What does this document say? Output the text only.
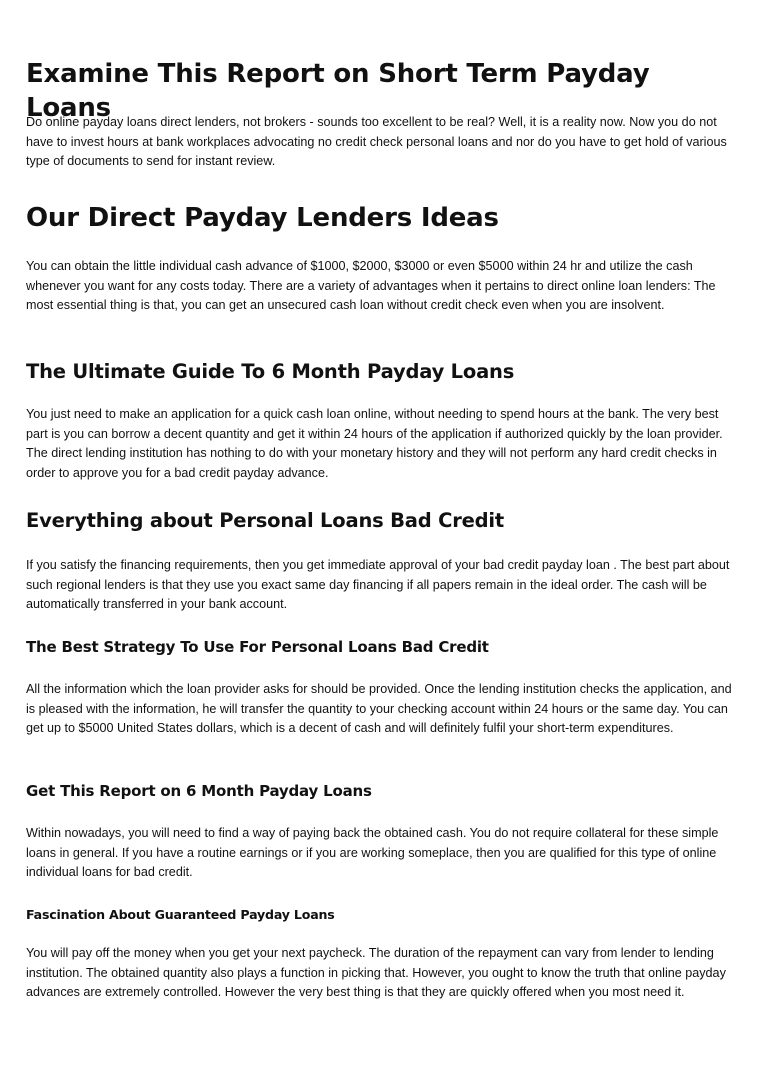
Examine This Report on Short Term Payday Loans

Do online payday loans direct lenders, not brokers - sounds too excellent to be real? Well, it is a reality now. Now you do not have to invest hours at bank workplaces advocating no credit check personal loans and nor do you have to get hold of various type of documents to send for instant review.

Our Direct Payday Lenders Ideas

You can obtain the little individual cash advance of $1000, $2000, $3000 or even $5000 within 24 hr and utilize the cash whenever you want for any costs today. There are a variety of advantages when it pertains to direct online loan lenders: The most essential thing is that, you can get an unsecured cash loan without credit check even when you are insolvent.

The Ultimate Guide To 6 Month Payday Loans

You just need to make an application for a quick cash loan online, without needing to spend hours at the bank. The very best part is you can borrow a decent quantity and get it within 24 hours of the application if authorized quickly by the loan provider. The direct lending institution has nothing to do with your monetary history and they will not perform any hard credit checks in order to approve you for a bad credit payday advance.

Everything about Personal Loans Bad Credit

If you satisfy the financing requirements, then you get immediate approval of your bad credit payday loan . The best part about such regional lenders is that they use you exact same day financing if all papers remain in the ideal order. The cash will be automatically transferred in your bank account.

The Best Strategy To Use For Personal Loans Bad Credit

All the information which the loan provider asks for should be provided. Once the lending institution checks the application, and is pleased with the information, he will transfer the quantity to your checking account within 24 hours or the same day. You can get up to $5000 United States dollars, which is a decent of cash and will definitely fulfil your short-term expenditures.

Get This Report on 6 Month Payday Loans

Within nowadays, you will need to find a way of paying back the obtained cash. You do not require collateral for these simple loans in general. If you have a routine earnings or if you are working someplace, then you are qualified for this type of online individual loans for bad credit.

Fascination About Guaranteed Payday Loans

You will pay off the money when you get your next paycheck. The duration of the repayment can vary from lender to lending institution. The obtained quantity also plays a function in picking that. However, you ought to know the truth that online payday advances are extremely controlled. However the very best thing is that they are quickly offered when you most need it.
